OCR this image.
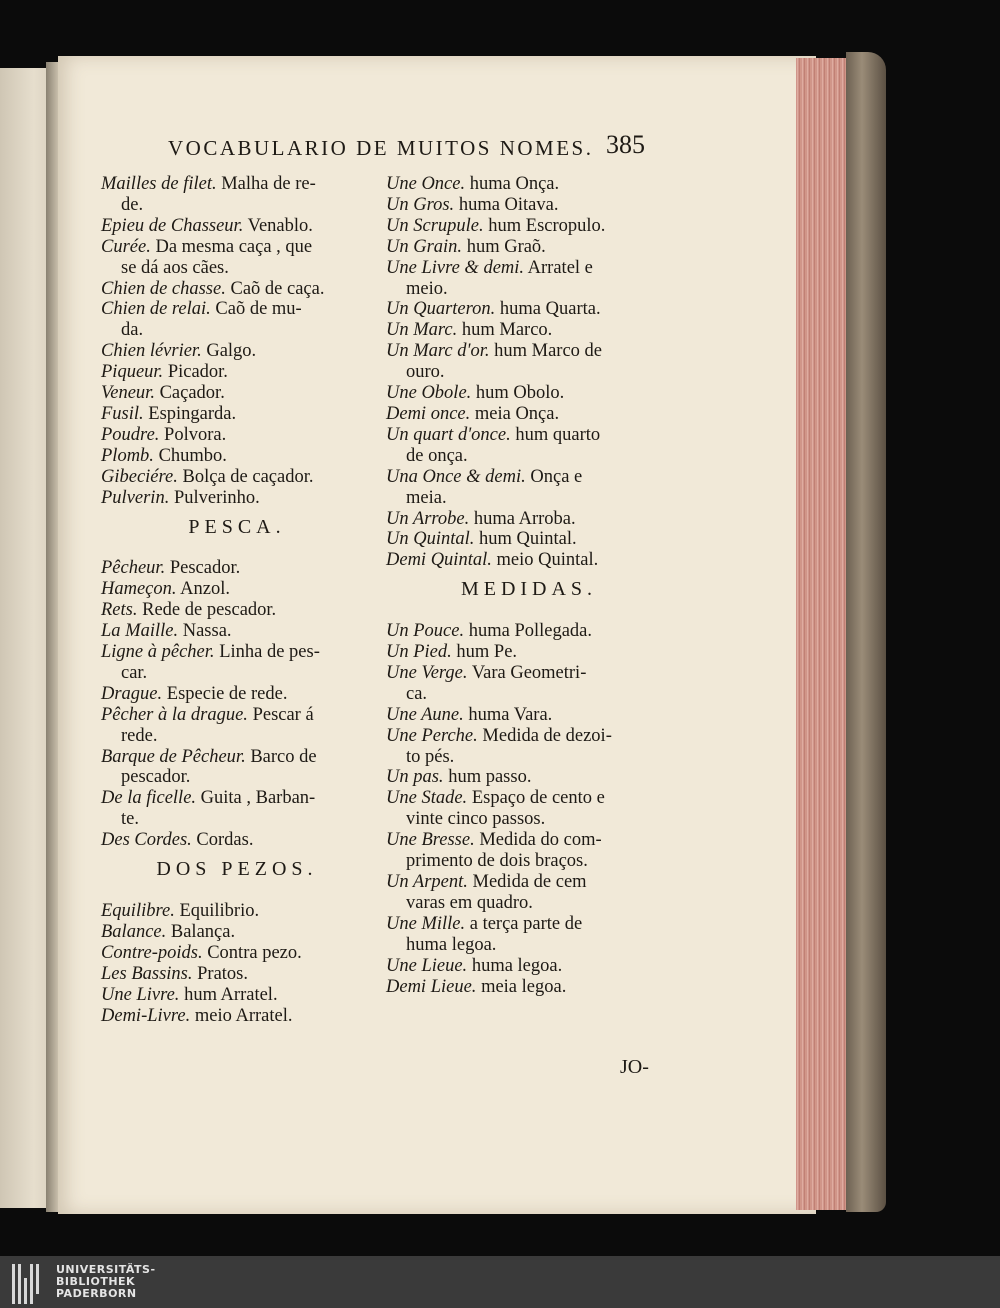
VOCABULARIO DE MUITOS NOMES. 385
Mailles de filet. Malha de re-
de.
Epieu de Chasseur. Venablo.
Curée. Da mesma caça , que
se dá aos cães.
Chien de chasse. Caõ de caça.
Chien de relai. Caõ de mu-
da.
Chien lévrier. Galgo.
Piqueur. Picador.
Veneur. Caçador.
Fusil. Espingarda.
Poudre. Polvora.
Plomb. Chumbo.
Gibeciére. Bolça de caçador.
Pulverin. Pulverinho.
PESCA.
Pêcheur. Pescador.
Hameçon. Anzol.
Rets. Rede de pescador.
La Maille. Nassa.
Ligne à pêcher. Linha de pes-
car.
Drague. Especie de rede.
Pêcher à la drague. Pescar á
rede.
Barque de Pêcheur. Barco de
pescador.
De la ficelle. Guita , Barban-
te.
Des Cordes. Cordas.
DOS PEZOS.
Equilibre. Equilibrio.
Balance. Balança.
Contre-poids. Contra pezo.
Les Bassins. Pratos.
Une Livre. hum Arratel.
Demi-Livre. meio Arratel.
Une Once. huma Onça.
Un Gros. huma Oitava.
Un Scrupule. hum Escropulo.
Un Grain. hum Graõ.
Une Livre & demi. Arratel e
meio.
Un Quarteron. huma Quarta.
Un Marc. hum Marco.
Un Marc d'or. hum Marco de
ouro.
Une Obole. hum Obolo.
Demi once. meia Onça.
Un quart d'once. hum quarto
de onça.
Una Once & demi. Onça e
meia.
Un Arrobe. huma Arroba.
Un Quintal. hum Quintal.
Demi Quintal. meio Quintal.
MEDIDAS.
Un Pouce. huma Pollegada.
Un Pied. hum Pe.
Une Verge. Vara Geometri-
ca.
Une Aune. huma Vara.
Une Perche. Medida de dezoi-
to pés.
Un pas. hum passo.
Une Stade. Espaço de cento e
vinte cinco passos.
Une Bresse. Medida do com-
primento de dois braços.
Un Arpent. Medida de cem
varas em quadro.
Une Mille. a terça parte de
huma legoa.
Une Lieue. huma legoa.
Demi Lieue. meia legoa.
JO-
UNIVERSITÄTS-
BIBLIOTHEK
PADERBORN
